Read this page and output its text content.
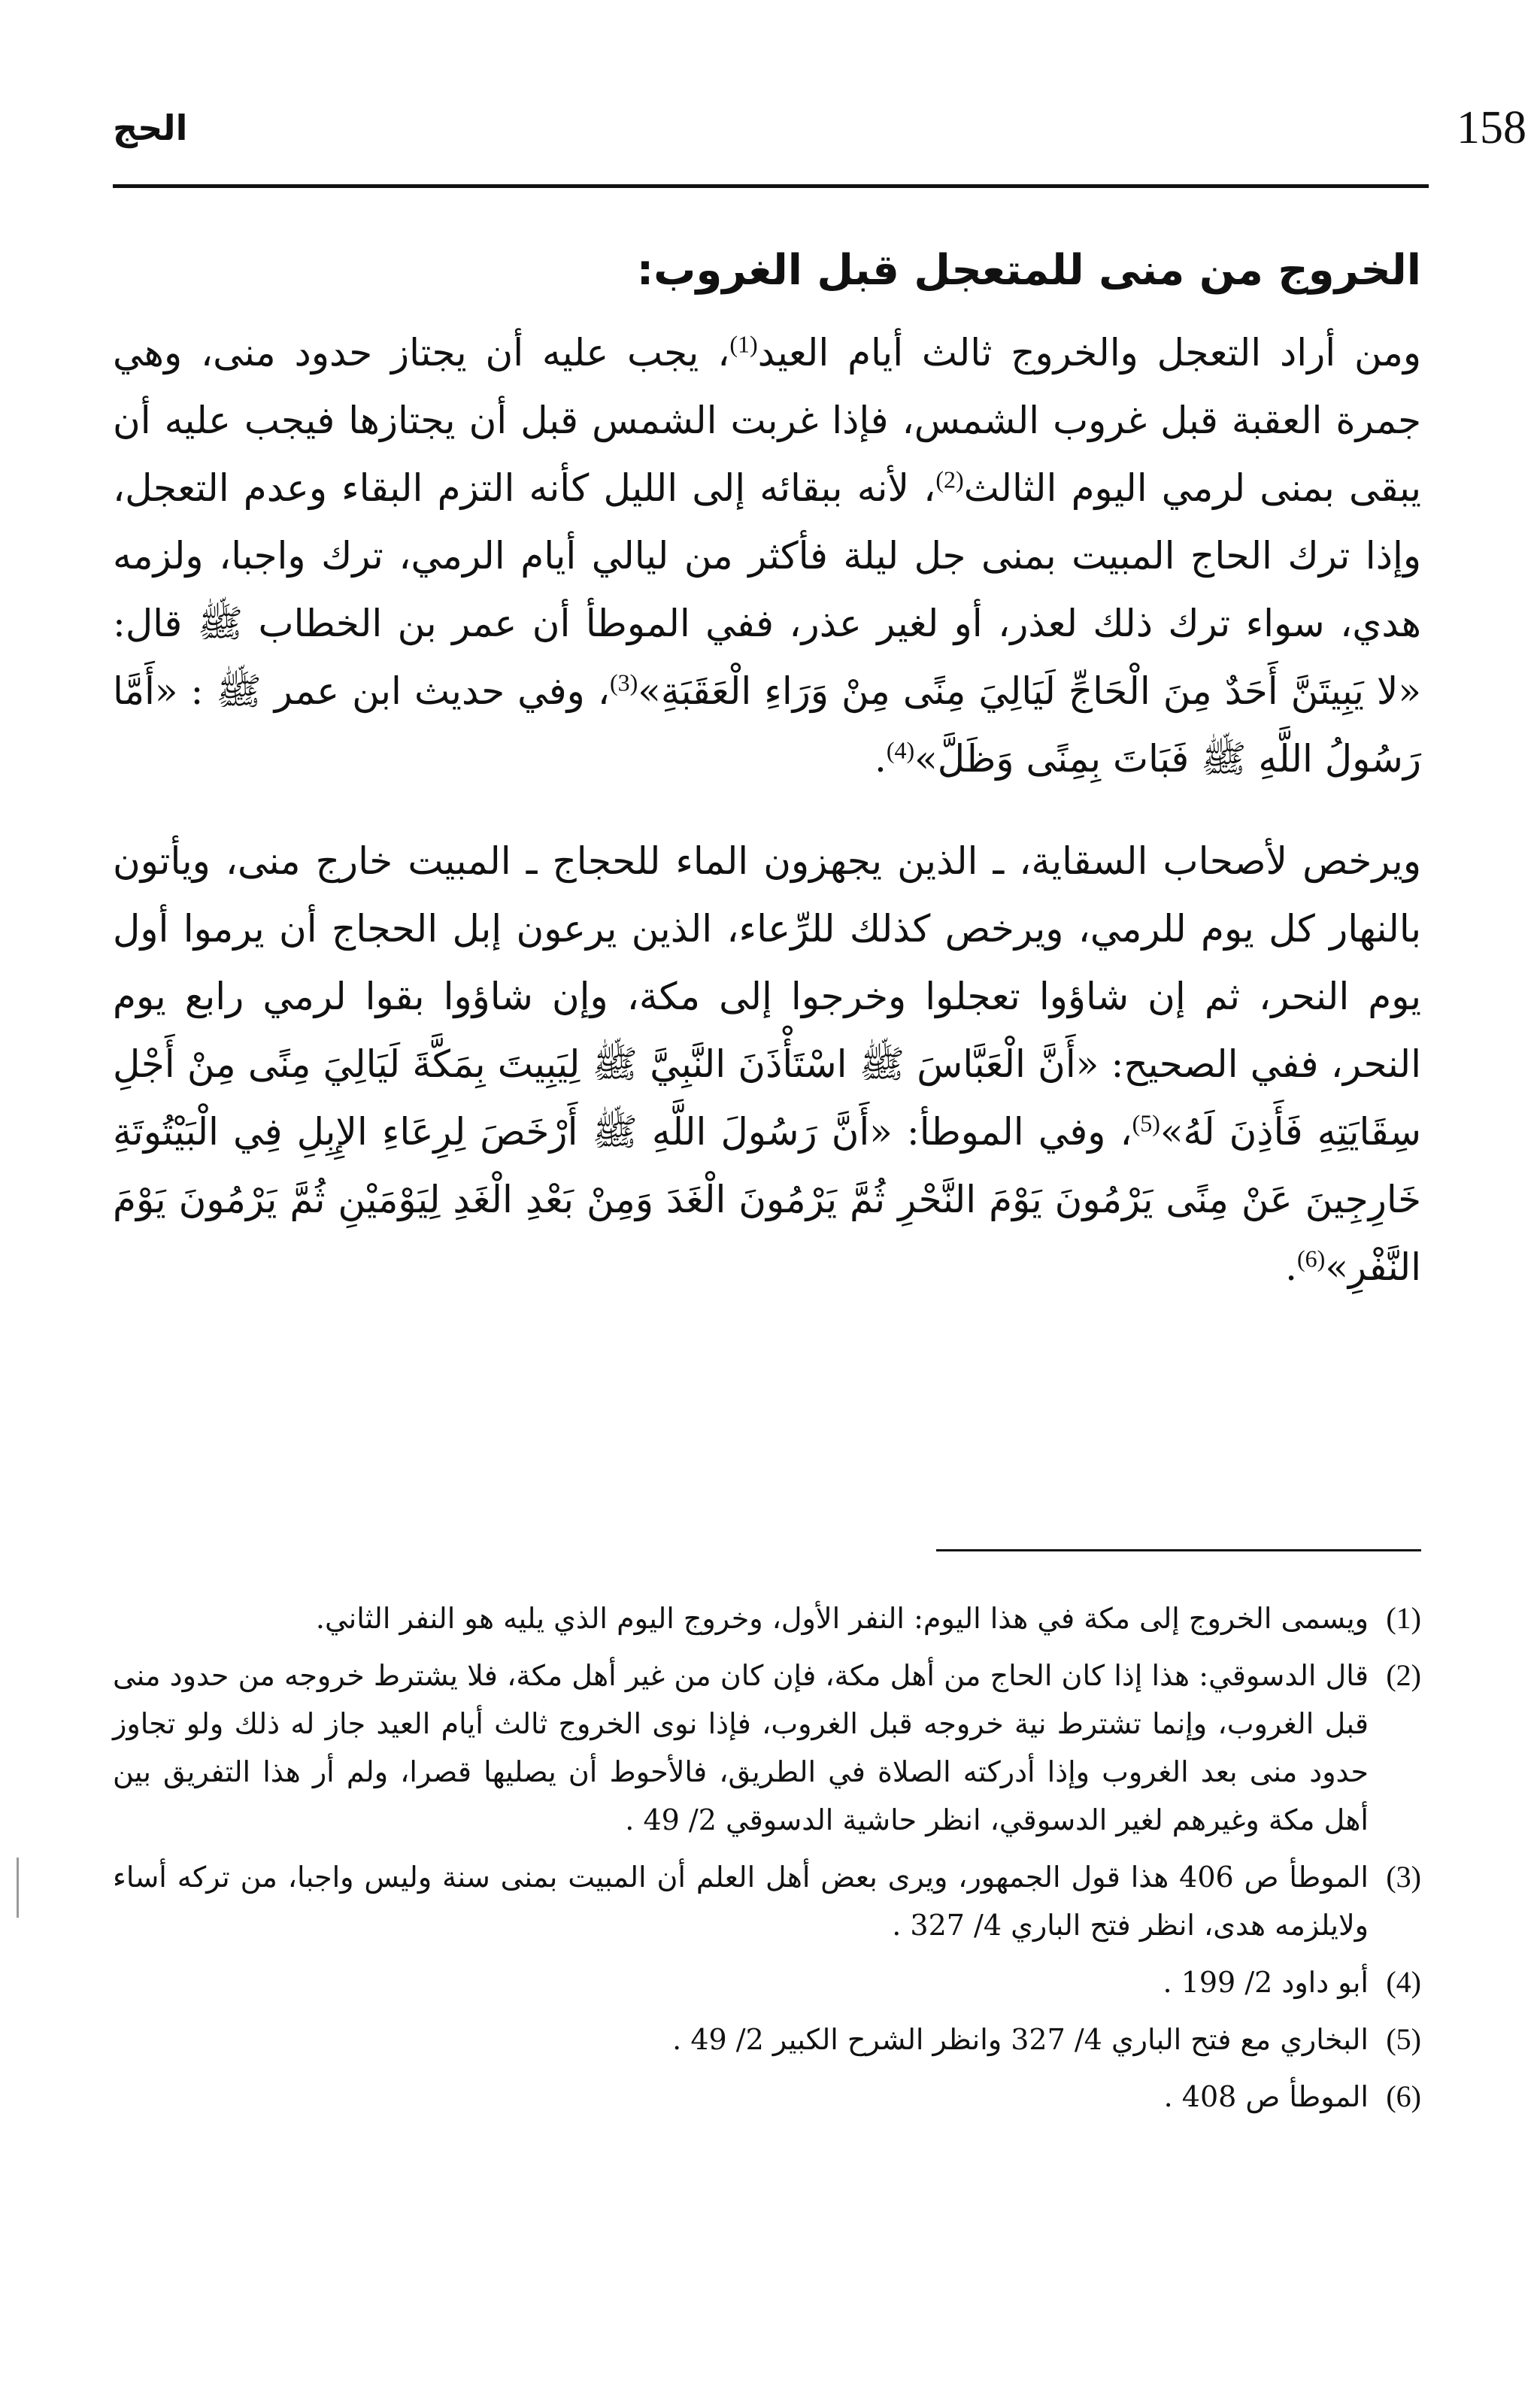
158
الحج
الخروج من منى للمتعجل قبل الغروب:

ومن أراد التعجل والخروج ثالث أيام العيد$^{(1)}$، يجب عليه أن يجتاز حدود منى، وهي جمرة العقبة قبل غروب الشمس، فإذا غربت الشمس قبل أن يجتازها فيجب عليه أن يبقى بمنى لرمي اليوم الثالث$^{(2)}$، لأنه ببقائه إلى الليل كأنه التزم البقاء وعدم التعجل، وإذا ترك الحاج المبيت بمنى جل ليلة فأكثر من ليالي أيام الرمي، ترك واجبا، ولزمه هدي، سواء ترك ذلك لعذر، أو لغير عذر، ففي الموطأ أن عمر بن الخطاب ﷺ قال: «لا يَبِيتَنَّ أَحَدٌ مِنَ الْحَاجِّ لَيَالِيَ مِنًى مِنْ وَرَاءِ الْعَقَبَةِ»$^{(3)}$، وفي حديث ابن عمر ﷺ : «أَمَّا رَسُولُ اللَّهِ ﷺ فَبَاتَ بِمِنًى وَظَلَّ»$^{(4)}$.

ويرخص لأصحاب السقاية، ـ الذين يجهزون الماء للحجاج ـ المبيت خارج منى، ويأتون بالنهار كل يوم للرمي، ويرخص كذلك للرِّعاء، الذين يرعون إبل الحجاج أن يرموا أول يوم النحر، ثم إن شاؤوا تعجلوا وخرجوا إلى مكة، وإن شاؤوا بقوا لرمي رابع يوم النحر، ففي الصحيح: «أَنَّ الْعَبَّاسَ ﷺ اسْتَأْذَنَ النَّبِيَّ ﷺ لِيَبِيتَ بِمَكَّةَ لَيَالِيَ مِنًى مِنْ أَجْلِ سِقَايَتِهِ فَأَذِنَ لَهُ»$^{(5)}$، وفي الموطأ: «أَنَّ رَسُولَ اللَّهِ ﷺ أَرْخَصَ لِرِعَاءِ الإِبِلِ فِي الْبَيْتُوتَةِ خَارِجِينَ عَنْ مِنًى يَرْمُونَ يَوْمَ النَّحْرِ ثُمَّ يَرْمُونَ الْغَدَ وَمِنْ بَعْدِ الْغَدِ لِيَوْمَيْنِ ثُمَّ يَرْمُونَ يَوْمَ النَّفْرِ»$^{(6)}$.

(1)
ويسمى الخروج إلى مكة في هذا اليوم: النفر الأول، وخروج اليوم الذي يليه هو النفر الثاني.
(2)
قال الدسوقي: هذا إذا كان الحاج من أهل مكة، فإن كان من غير أهل مكة، فلا يشترط خروجه من حدود منى قبل الغروب، وإنما تشترط نية خروجه قبل الغروب، فإذا نوى الخروج ثالث أيام العيد جاز له ذلك ولو تجاوز حدود منى بعد الغروب وإذا أدركته الصلاة في الطريق، فالأحوط أن يصليها قصرا، ولم أر هذا التفريق بين أهل مكة وغيرهم لغير الدسوقي، انظر حاشية الدسوقي 2/ 49 .
(3)
الموطأ ص 406 هذا قول الجمهور، ويرى بعض أهل العلم أن المبيت بمنى سنة وليس واجبا، من تركه أساء ولايلزمه هدى، انظر فتح الباري 4/ 327 .
(4)
أبو داود 2/ 199 .
(5)
البخاري مع فتح الباري 4/ 327 وانظر الشرح الكبير 2/ 49 .
(6)
الموطأ ص 408 .
